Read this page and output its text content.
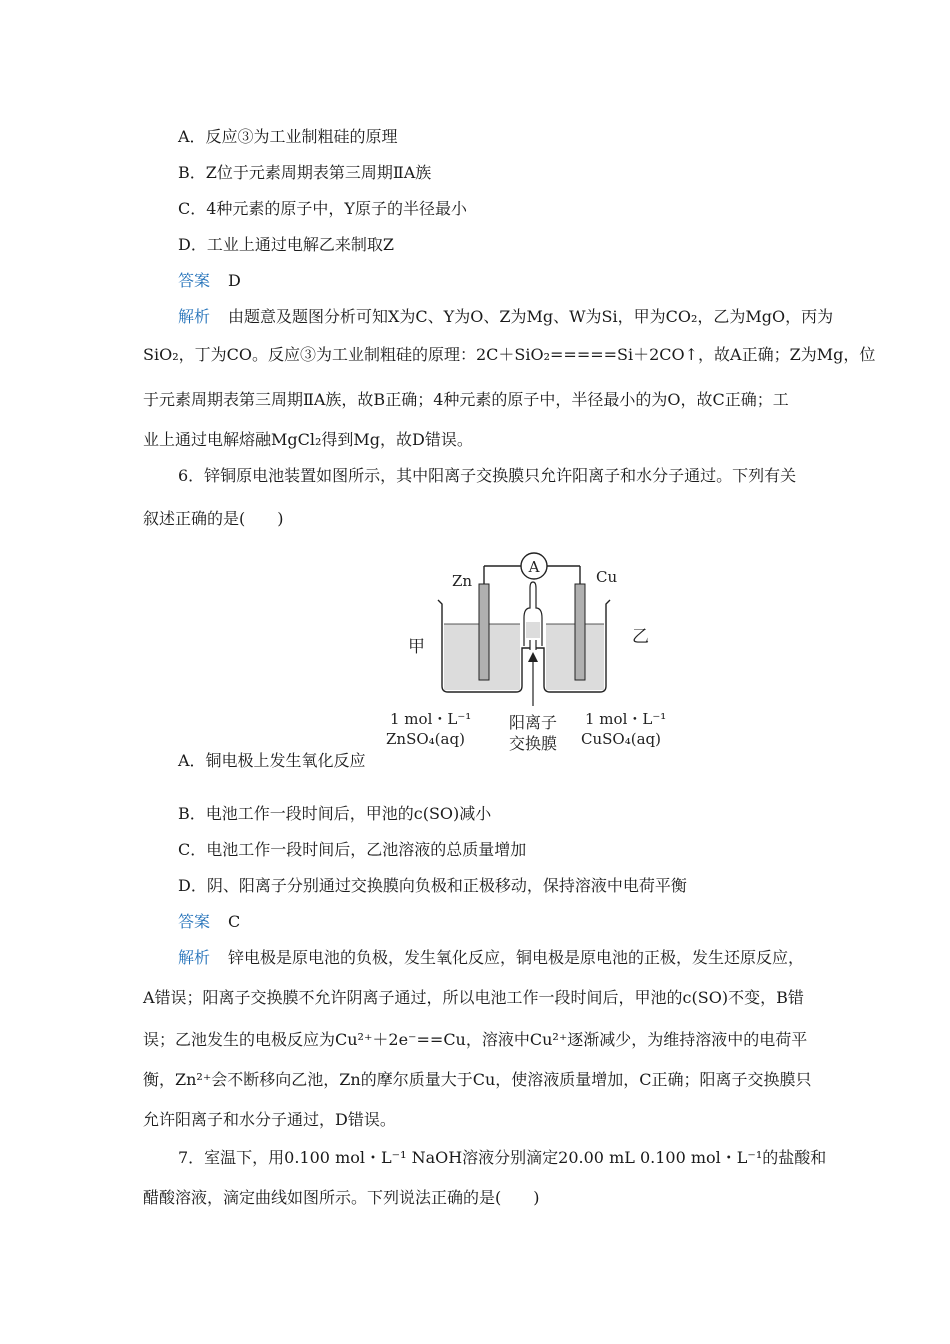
A．反应③为工业制粗硅的原理
B．Z位于元素周期表第三周期ⅡA族
C．4种元素的原子中，Y原子的半径最小
D．工业上通过电解乙来制取Z
答案 D
解析 由题意及题图分析可知X为C、Y为O、Z为Mg、W为Si，甲为CO₂，乙为MgO，丙为
SiO₂，丁为CO。反应③为工业制粗硅的原理：2C＋SiO₂=====Si＋2CO↑，故A正确；Z为Mg，位
于元素周期表第三周期ⅡA族，故B正确；4种元素的原子中，半径最小的为O，故C正确；工
业上通过电解熔融MgCl₂得到Mg，故D错误。
6．锌铜原电池装置如图所示，其中阳离子交换膜只允许阳离子和水分子通过。下列有关
叙述正确的是(　　)
A
Zn	Cu
甲	乙
1 mol・L⁻¹
ZnSO₄(aq)
1 mol・L⁻¹
CuSO₄(aq)
阳离子
交换膜
A．铜电极上发生氧化反应
B．电池工作一段时间后，甲池的c(SO)减小
C．电池工作一段时间后，乙池溶液的总质量增加
D．阴、阳离子分别通过交换膜向负极和正极移动，保持溶液中电荷平衡
答案 C
解析 锌电极是原电池的负极，发生氧化反应，铜电极是原电池的正极，发生还原反应，
A错误；阳离子交换膜不允许阴离子通过，所以电池工作一段时间后，甲池的c(SO)不变，B错
误；乙池发生的电极反应为Cu²⁺＋2e⁻==Cu，溶液中Cu²⁺逐渐减少，为维持溶液中的电荷平
衡，Zn²⁺会不断移向乙池，Zn的摩尔质量大于Cu，使溶液质量增加，C正确；阳离子交换膜只
允许阳离子和水分子通过，D错误。
7．室温下，用0.100 mol・L⁻¹ NaOH溶液分别滴定20.00 mL 0.100 mol・L⁻¹的盐酸和
醋酸溶液，滴定曲线如图所示。下列说法正确的是(　　)
